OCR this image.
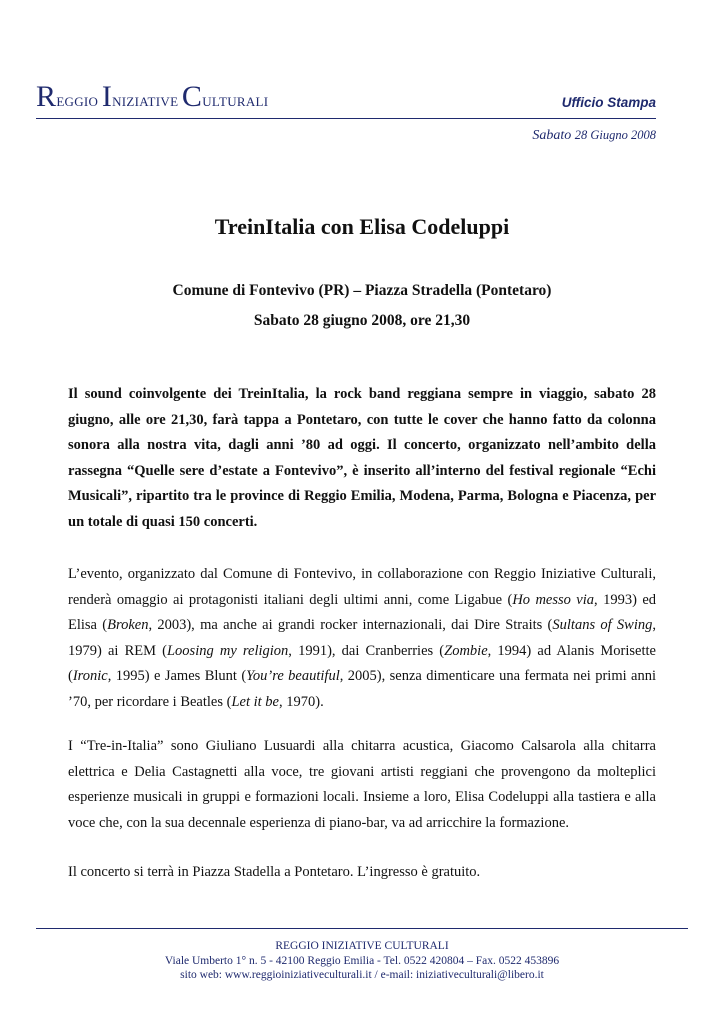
REGGIO INIZIATIVE CULTURALI	Ufficio Stampa
Sabato 28 Giugno 2008
TreinItalia con Elisa Codeluppi
Comune di Fontevivo (PR) – Piazza Stradella (Pontetaro)
Sabato 28 giugno 2008, ore 21,30
Il sound coinvolgente dei TreinItalia, la rock band reggiana sempre in viaggio, sabato 28 giugno, alle ore 21,30, farà tappa a Pontetaro, con tutte le cover che hanno fatto da colonna sonora alla nostra vita, dagli anni ’80 ad oggi. Il concerto, organizzato nell’ambito della rassegna “Quelle sere d’estate a Fontevivo”, è inserito all’interno del festival regionale “Echi Musicali”, ripartito tra le province di Reggio Emilia, Modena, Parma, Bologna e Piacenza, per un totale di quasi 150 concerti.
L’evento, organizzato dal Comune di Fontevivo, in collaborazione con Reggio Iniziative Culturali, renderà omaggio ai protagonisti italiani degli ultimi anni, come Ligabue (Ho messo via, 1993) ed Elisa (Broken, 2003), ma anche ai grandi rocker internazionali, dai Dire Straits (Sultans of Swing, 1979) ai REM (Loosing my religion, 1991), dai Cranberries (Zombie, 1994) ad Alanis Morisette (Ironic, 1995) e James Blunt (You’re beautiful, 2005), senza dimenticare una fermata nei primi anni ’70, per ricordare i Beatles (Let it be, 1970).
I “Tre-in-Italia” sono Giuliano Lusuardi alla chitarra acustica, Giacomo Calsarola alla chitarra elettrica e Delia Castagnetti alla voce, tre giovani artisti reggiani che provengono da molteplici esperienze musicali in gruppi e formazioni locali. Insieme a loro, Elisa Codeluppi alla tastiera e alla voce che, con la sua decennale esperienza di piano-bar, va ad arricchire la formazione.
Il concerto si terrà in Piazza Stadella a Pontetaro. L’ingresso è gratuito.
REGGIO INIZIATIVE CULTURALI
Viale Umberto 1° n. 5 - 42100 Reggio Emilia - Tel. 0522 420804 – Fax. 0522 453896
sito web: www.reggioiniziativeculturali.it / e-mail: iniziativeculturali@libero.it
